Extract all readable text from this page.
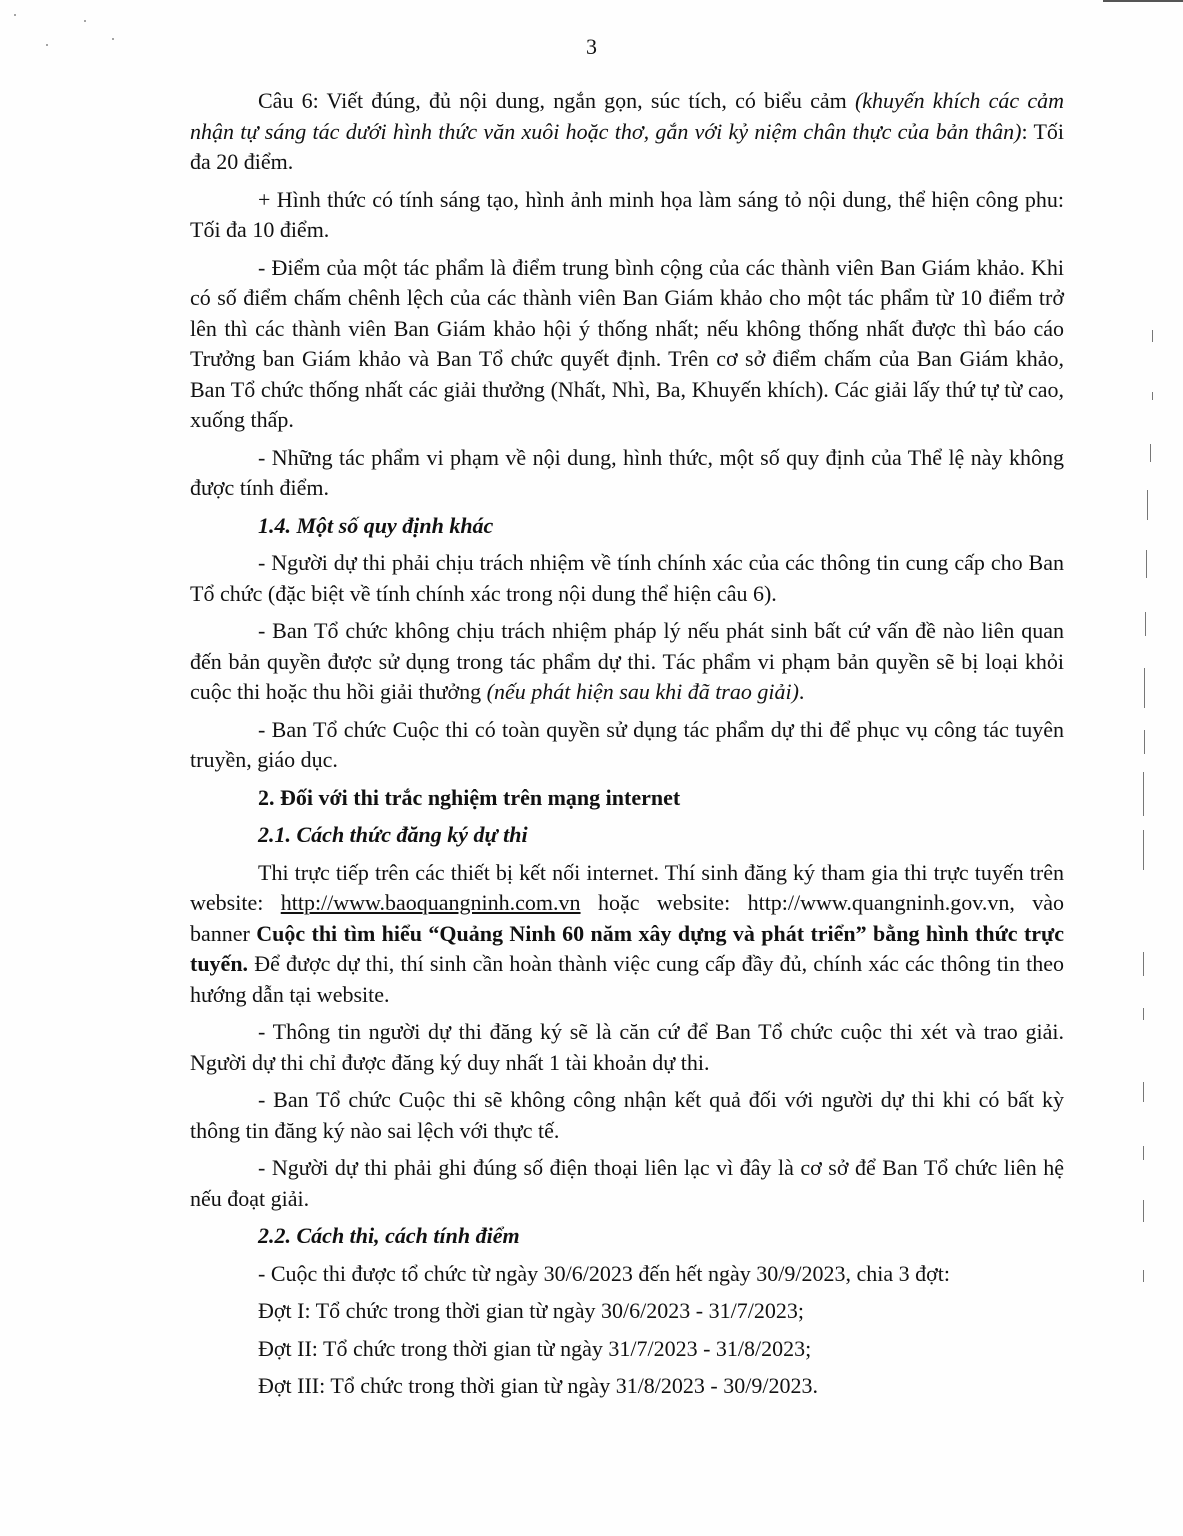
3

Câu 6: Viết đúng, đủ nội dung, ngắn gọn, súc tích, có biểu cảm (khuyến khích các cảm nhận tự sáng tác dưới hình thức văn xuôi hoặc thơ, gắn với kỷ niệm chân thực của bản thân): Tối đa 20 điểm.

+ Hình thức có tính sáng tạo, hình ảnh minh họa làm sáng tỏ nội dung, thể hiện công phu: Tối đa 10 điểm.

- Điểm của một tác phẩm là điểm trung bình cộng của các thành viên Ban Giám khảo. Khi có số điểm chấm chênh lệch của các thành viên Ban Giám khảo cho một tác phẩm từ 10 điểm trở lên thì các thành viên Ban Giám khảo hội ý thống nhất; nếu không thống nhất được thì báo cáo Trưởng ban Giám khảo và Ban Tổ chức quyết định. Trên cơ sở điểm chấm của Ban Giám khảo, Ban Tổ chức thống nhất các giải thưởng (Nhất, Nhì, Ba, Khuyến khích). Các giải lấy thứ tự từ cao, xuống thấp.

- Những tác phẩm vi phạm về nội dung, hình thức, một số quy định của Thể lệ này không được tính điểm.

1.4. Một số quy định khác

- Người dự thi phải chịu trách nhiệm về tính chính xác của các thông tin cung cấp cho Ban Tổ chức (đặc biệt về tính chính xác trong nội dung thể hiện câu 6).

- Ban Tổ chức không chịu trách nhiệm pháp lý nếu phát sinh bất cứ vấn đề nào liên quan đến bản quyền được sử dụng trong tác phẩm dự thi. Tác phẩm vi phạm bản quyền sẽ bị loại khỏi cuộc thi hoặc thu hồi giải thưởng (nếu phát hiện sau khi đã trao giải).

- Ban Tổ chức Cuộc thi có toàn quyền sử dụng tác phẩm dự thi để phục vụ công tác tuyên truyền, giáo dục.

2. Đối với thi trắc nghiệm trên mạng internet

2.1. Cách thức đăng ký dự thi

Thi trực tiếp trên các thiết bị kết nối internet. Thí sinh đăng ký tham gia thi trực tuyến trên website: http://www.baoquangninh.com.vn hoặc website: http://www.quangninh.gov.vn, vào banner Cuộc thi tìm hiểu “Quảng Ninh 60 năm xây dựng và phát triển” bằng hình thức trực tuyến. Để được dự thi, thí sinh cần hoàn thành việc cung cấp đầy đủ, chính xác các thông tin theo hướng dẫn tại website.

- Thông tin người dự thi đăng ký sẽ là căn cứ để Ban Tổ chức cuộc thi xét và trao giải. Người dự thi chỉ được đăng ký duy nhất 1 tài khoản dự thi.

- Ban Tổ chức Cuộc thi sẽ không công nhận kết quả đối với người dự thi khi có bất kỳ thông tin đăng ký nào sai lệch với thực tế.

- Người dự thi phải ghi đúng số điện thoại liên lạc vì đây là cơ sở để Ban Tổ chức liên hệ nếu đoạt giải.

2.2. Cách thi, cách tính điểm

- Cuộc thi được tổ chức từ ngày 30/6/2023 đến hết ngày 30/9/2023, chia 3 đợt:

Đợt I: Tổ chức trong thời gian từ ngày 30/6/2023 - 31/7/2023;

Đợt II: Tổ chức trong thời gian từ ngày 31/7/2023 - 31/8/2023;

Đợt III: Tổ chức trong thời gian từ ngày 31/8/2023 - 30/9/2023.
